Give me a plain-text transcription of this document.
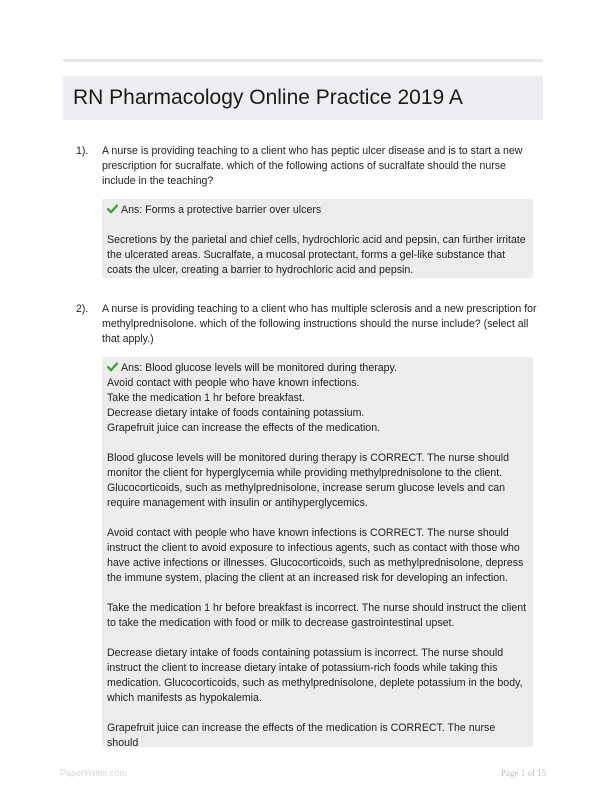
RN Pharmacology Online Practice 2019 A
1). A nurse is providing teaching to a client who has peptic ulcer disease and is to start a new prescription for sucralfate. which of the following actions of sucralfate should the nurse include in the teaching?

Ans: Forms a protective barrier over ulcers

Secretions by the parietal and chief cells, hydrochloric acid and pepsin, can further irritate the ulcerated areas. Sucralfate, a mucosal protectant, forms a gel-like substance that coats the ulcer, creating a barrier to hydrochloric acid and pepsin.

2). A nurse is providing teaching to a client who has multiple sclerosis and a new prescription for methylprednisolone. which of the following instructions should the nurse include? (select all that apply.)

Ans: Blood glucose levels will be monitored during therapy.

Avoid contact with people who have known infections.

Take the medication 1 hr before breakfast.

Decrease dietary intake of foods containing potassium.

Grapefruit juice can increase the effects of the medication.

Blood glucose levels will be monitored during therapy is CORRECT. The nurse should monitor the client for hyperglycemia while providing methylprednisolone to the client. Glucocorticoids, such as methylprednisolone, increase serum glucose levels and can require management with insulin or antihyperglycemics.

Avoid contact with people who have known infections is CORRECT. The nurse should instruct the client to avoid exposure to infectious agents, such as contact with those who have active infections or illnesses. Glucocorticoids, such as methylprednisolone, depress the immune system, placing the client at an increased risk for developing an infection.

Take the medication 1 hr before breakfast is incorrect. The nurse should instruct the client to take the medication with food or milk to decrease gastrointestinal upset.

Decrease dietary intake of foods containing potassium is incorrect. The nurse should instruct the client to increase dietary intake of potassium-rich foods while taking this medication. Glucocorticoids, such as methylprednisolone, deplete potassium in the body, which manifests as hypokalemia.

Grapefruit juice can increase the effects of the medication is CORRECT. The nurse should

PaperWriter.com	Page 1 of 15
